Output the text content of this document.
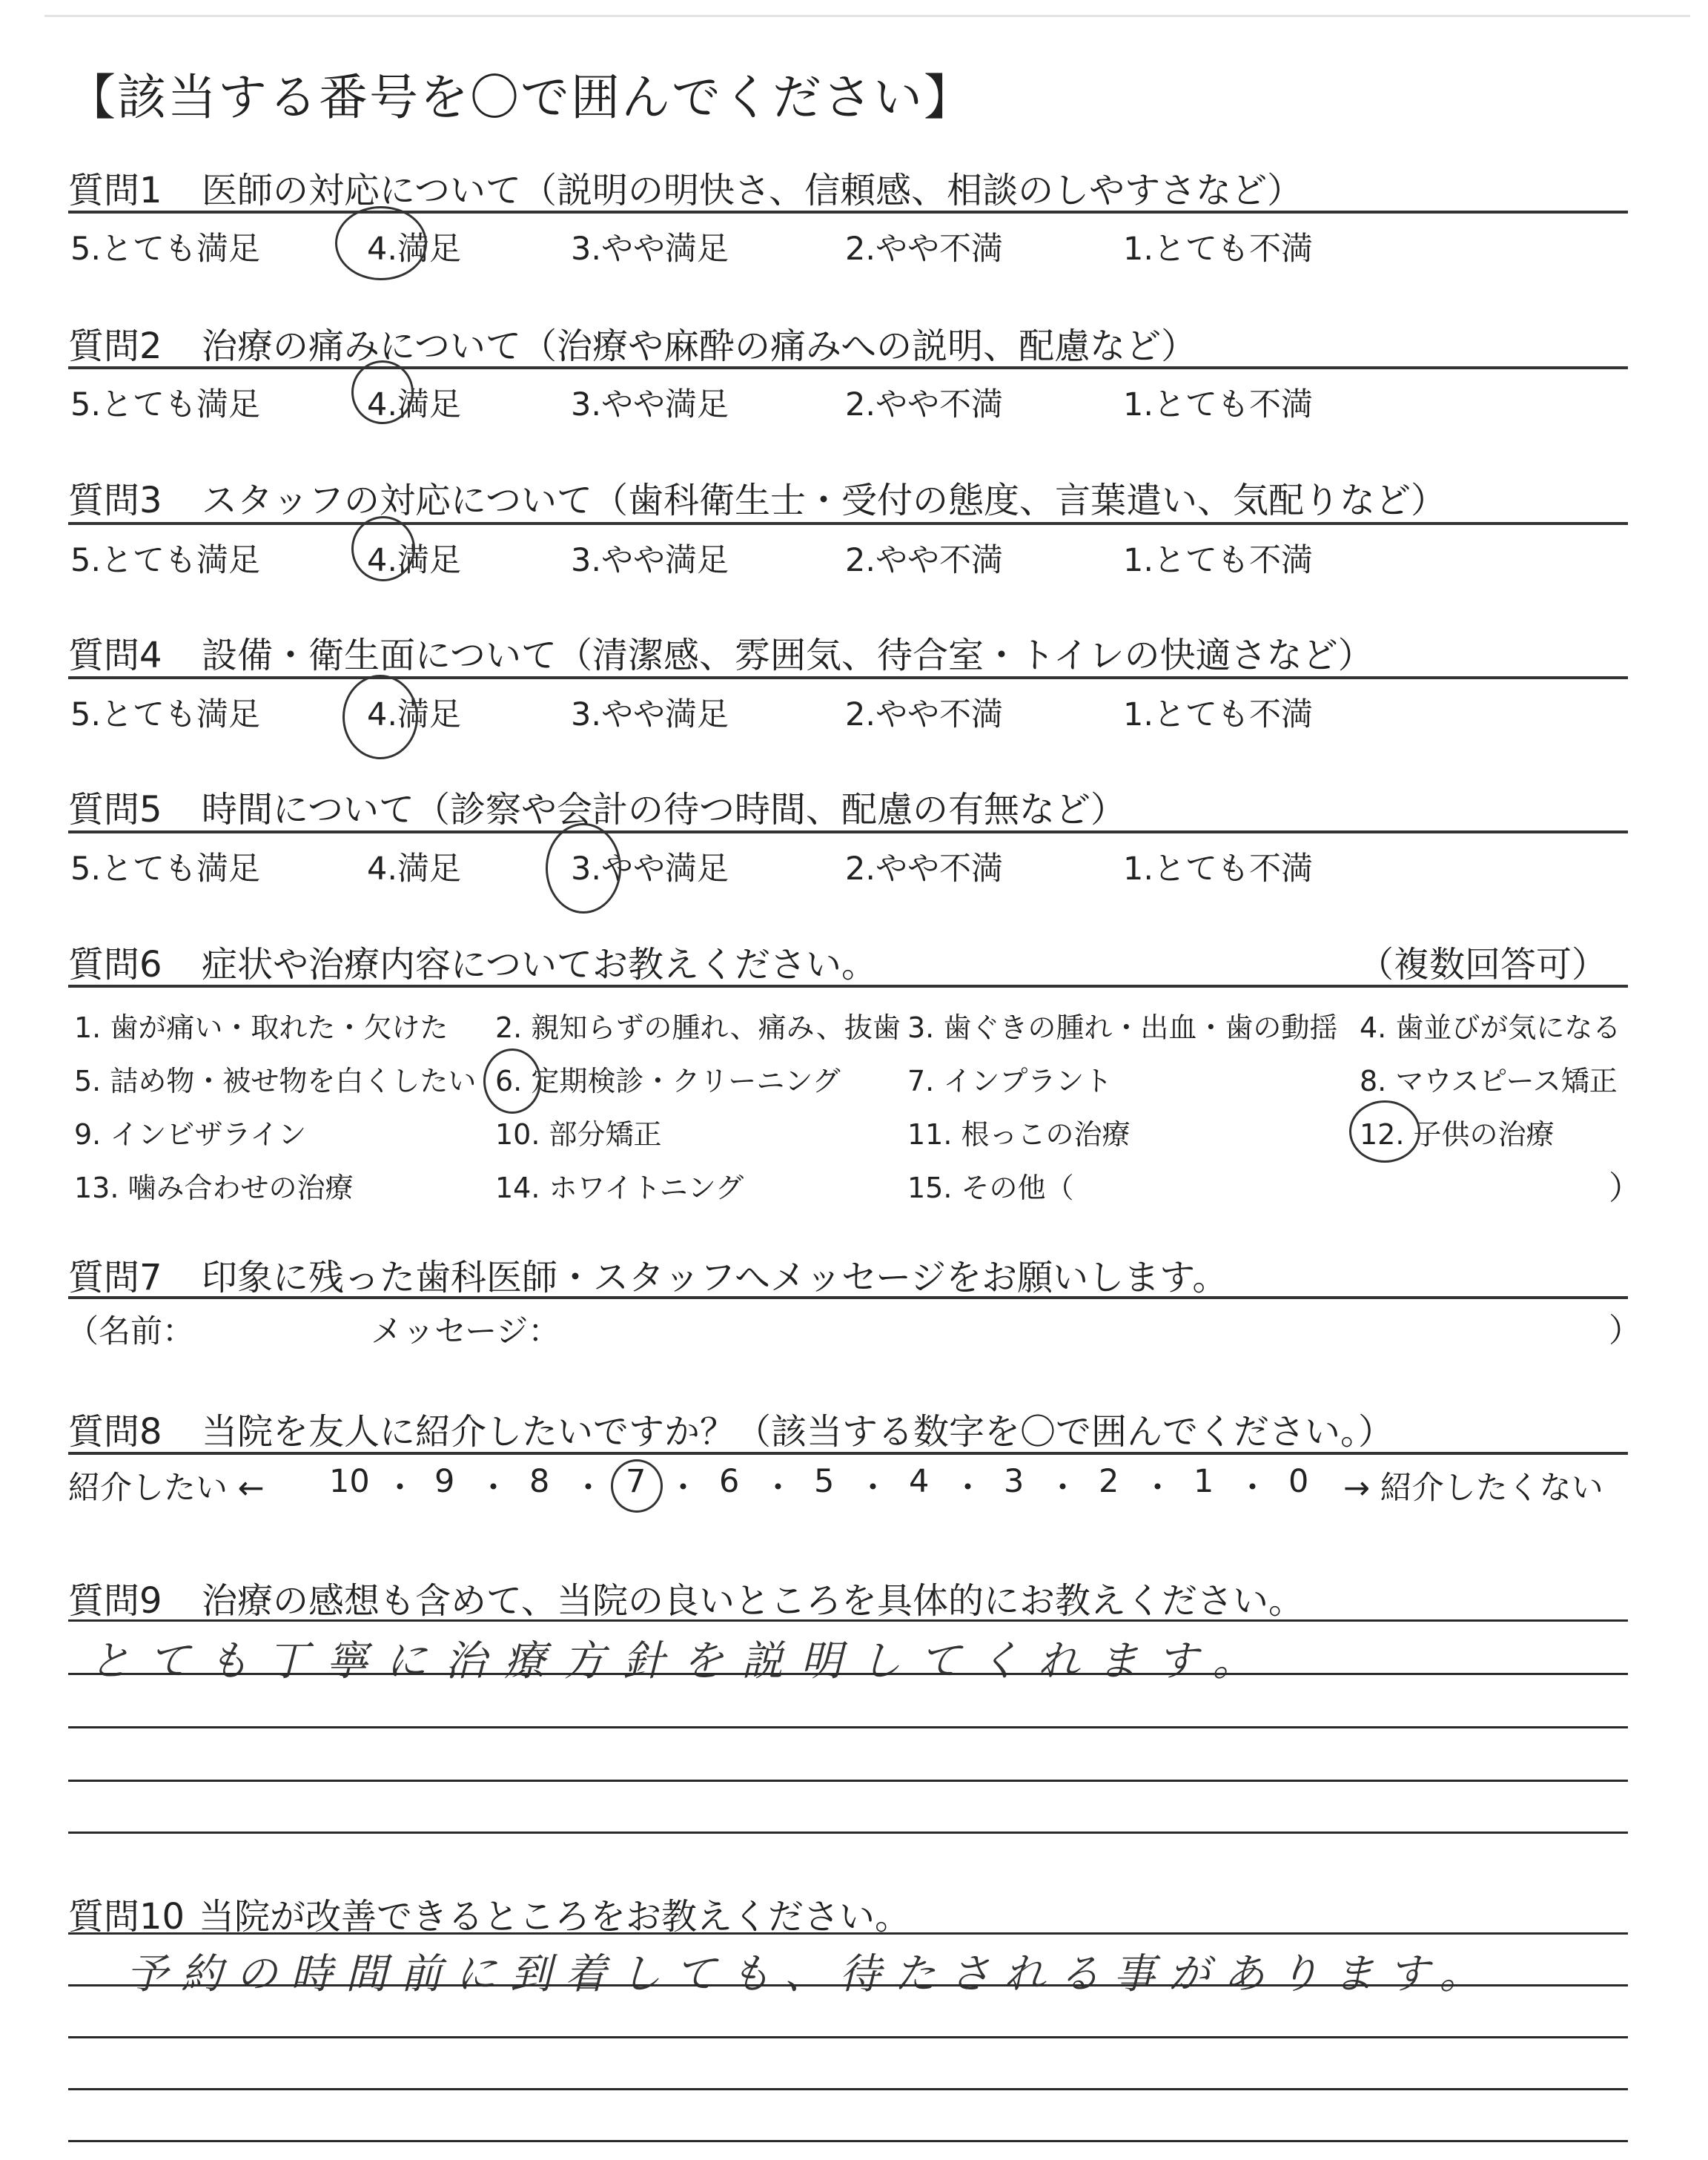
【該当する番号を〇で囲んでください】
質問1 医師の対応について（説明の明快さ、信頼感、相談のしやすさなど）
5.とても満足	4.満足	3.やや満足	2.やや不満	1.とても不満
質問2 治療の痛みについて（治療や麻酔の痛みへの説明、配慮など）
5.とても満足	4.満足	3.やや満足	2.やや不満	1.とても不満
質問3 スタッフの対応について（歯科衛生士・受付の態度、言葉遣い、気配りなど）
5.とても満足	4.満足	3.やや満足	2.やや不満	1.とても不満
質問4 設備・衛生面について（清潔感、雰囲気、待合室・トイレの快適さなど）
5.とても満足	4.満足	3.やや満足	2.やや不満	1.とても不満
質問5 時間について（診察や会計の待つ時間、配慮の有無など）
5.とても満足	4.満足	3.やや満足	2.やや不満	1.とても不満
質問6 症状や治療内容についてお教えください。	（複数回答可）
1. 歯が痛い・取れた・欠けた 2. 親知らずの腫れ、痛み、抜歯 3. 歯ぐきの腫れ・出血・歯の動揺 4. 歯並びが気になる
5. 詰め物・被せ物を白くしたい 6. 定期検診・クリーニング 7. インプラント	8. マウスピース矯正
9. インビザライン	10. 部分矯正	11. 根っこの治療	12. 子供の治療
13. 噛み合わせの治療	14. ホワイトニング	15. その他（	）
質問7 印象に残った歯科医師・スタッフへメッセージをお願いします。
（名前：	メッセージ：	）
質問8 当院を友人に紹介したいですか？（該当する数字を〇で囲んでください。）
紹介したい ← 10 ・ 9 ・ 8 ・ 7 ・ 6 ・ 5 ・ 4 ・ 3 ・ 2 ・ 1 ・ 0 → 紹介したくない
質問9 治療の感想も含めて、当院の良いところを具体的にお教えください。
とても丁寧に治療方針を説明してくれます。
質問10 当院が改善できるところをお教えください。
予約の時間前に到着しても、待たされる事があります。
